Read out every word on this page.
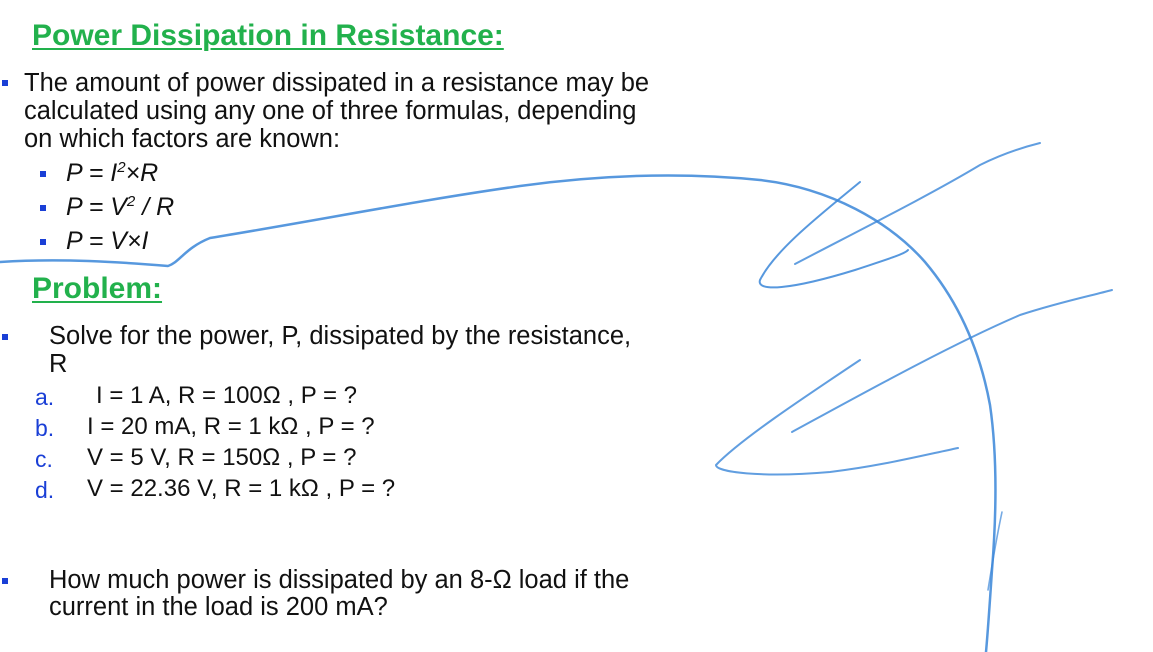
Power Dissipation in Resistance:
The amount of power dissipated in a resistance may be
calculated using any one of three formulas, depending
on which factors are known:
$P = I^2\times R$
$P = V^2 / R$
P = V×I
Problem:
Solve for the power, P, dissipated by the resistance,
R
a. I = 1 A, R = 100Ω , P = ?
b. I = 20 mA, R = 1 kΩ , P = ?
c. V = 5 V, R = 150Ω , P = ?
d. V = 22.36 V, R = 1 kΩ , P = ?
How much power is dissipated by an 8-Ω load if the
current in the load is 200 mA?
